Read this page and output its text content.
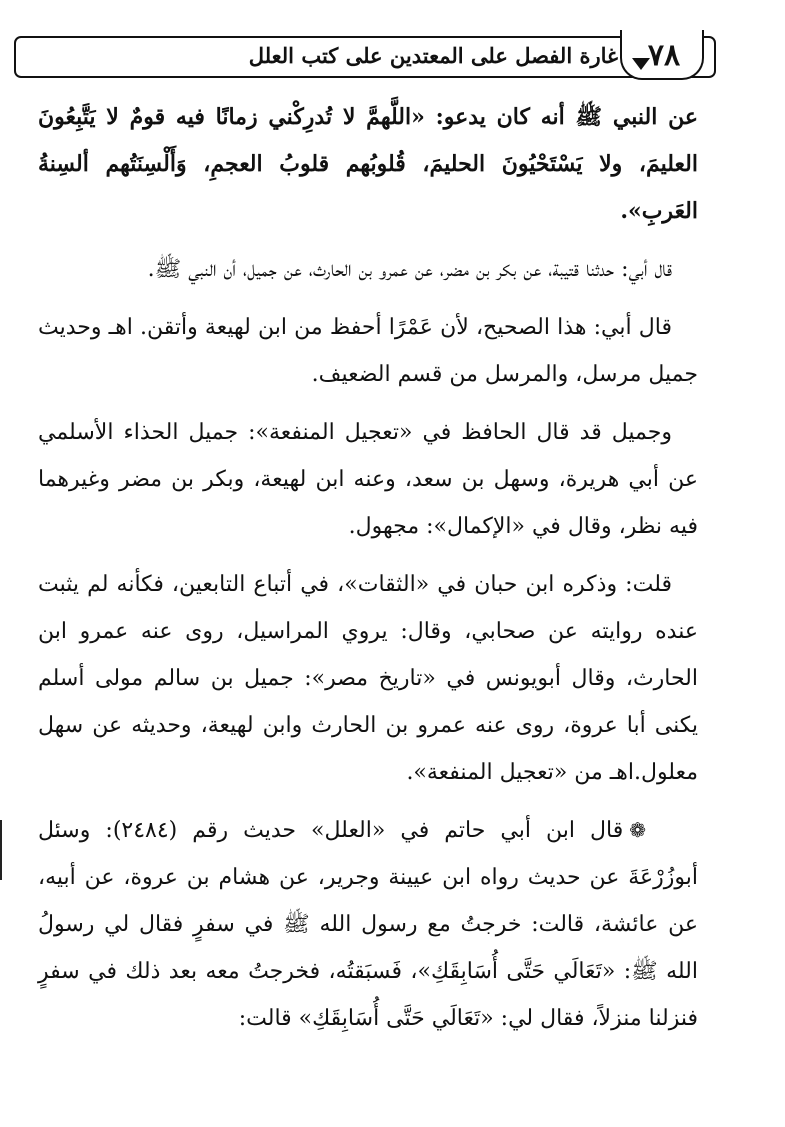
غارة الفصل على المعتدين على كتب العلل ٧٨

عن النبي ﷺ أنه كان يدعو: «اللَّهمَّ لا تُدرِكْني زمانًا فيه قومٌ لا يَتَّبِعُونَ العليمَ، ولا يَسْتَحْيُونَ الحليمَ، قُلوبُهم قلوبُ العجمِ، وَأَلْسِنَتُهم ألسِنةُ العَربِ».

قال أبي: حدثنا قتيبة، عن بكر بن مضر، عن عمرو بن الحارث، عن جميل، أن النبي ﷺ.

قال أبي: هذا الصحيح، لأن عَمْرًا أحفظ من ابن لهيعة وأتقن. اهـ وحديث جميل مرسل، والمرسل من قسم الضعيف.

وجميل قد قال الحافظ في «تعجيل المنفعة»: جميل الحذاء الأسلمي عن أبي هريرة، وسهل بن سعد، وعنه ابن لهيعة، وبكر بن مضر وغيرهما فيه نظر، وقال في «الإكمال»: مجهول.

قلت: وذكره ابن حبان في «الثقات»، في أتباع التابعين، فكأنه لم يثبت عنده روايته عن صحابي، وقال: يروي المراسيل، روى عنه عمرو ابن الحارث، وقال أبويونس في «تاريخ مصر»: جميل بن سالم مولى أسلم يكنى أبا عروة، روى عنه عمرو بن الحارث وابن لهيعة، وحديثه عن سهل معلول.اهـ من «تعجيل المنفعة».

❁قال ابن أبي حاتم في «العلل» حديث رقم (٢٤٨٤): وسئل أبوزُرْعَةَ عن حديث رواه ابن عيينة وجرير، عن هشام بن عروة، عن أبيه، عن عائشة، قالت: خرجتُ مع رسول الله ﷺ في سفرٍ فقال لي رسولُ الله ﷺ: «تَعَالَي حَتَّى أُسَابِقَكِ»، فَسبَقتُه، فخرجتُ معه بعد ذلك في سفرٍ فنزلنا منزلاً، فقال لي: «تَعَالَي حَتَّى أُسَابِقَكِ» قالت:
